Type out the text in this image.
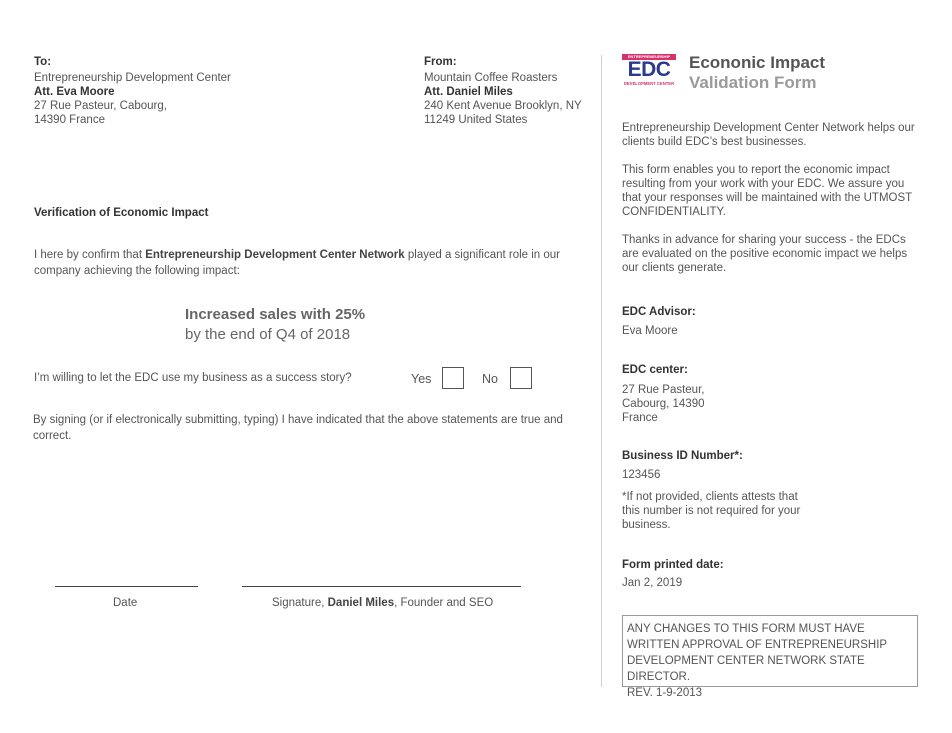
To:
Entrepreneurship Development Center
Att. Eva Moore
27 Rue Pasteur, Cabourg,
14390 France
From:
Mountain Coffee Roasters
Att. Daniel Miles
240 Kent Avenue Brooklyn, NY
11249 United States
Verification of Economic Impact
I here by confirm that Entrepreneurship Development Center Network played a significant role in our company achieving the following impact:
Increased sales with 25%
by the end of Q4 of 2018
I’m willing to let the EDC use my business as a success story?	Yes	No
By signing (or if electronically submitting, typing) I have indicated that the above statements are true and correct.
Date	Signature, Daniel Miles, Founder and SEO
ENTREPRENEURSHIP
EDC
DEVELOPMENT CENTER
Econonic Impact
Validation Form
Entrepreneurship Development Center Network helps our clients build EDC’s best businesses.
This form enables you to report the economic impact resulting from your work with your EDC. We assure you that your responses will be maintained with the UTMOST CONFIDENTIALITY.
Thanks in advance for sharing your success - the EDCs are evaluated on the positive economic impact we helps our clients generate.
EDC Advisor:
Eva Moore
EDC center:
27 Rue Pasteur,
Cabourg, 14390
France
Business ID Number*:
123456
*If not provided, clients attests that this number is not required for your business.
Form printed date:
Jan 2, 2019
ANY CHANGES TO THIS FORM MUST HAVE WRITTEN APPROVAL OF ENTREPRENEURSHIP DEVELOPMENT CENTER NETWORK STATE DIRECTOR.
REV. 1-9-2013
